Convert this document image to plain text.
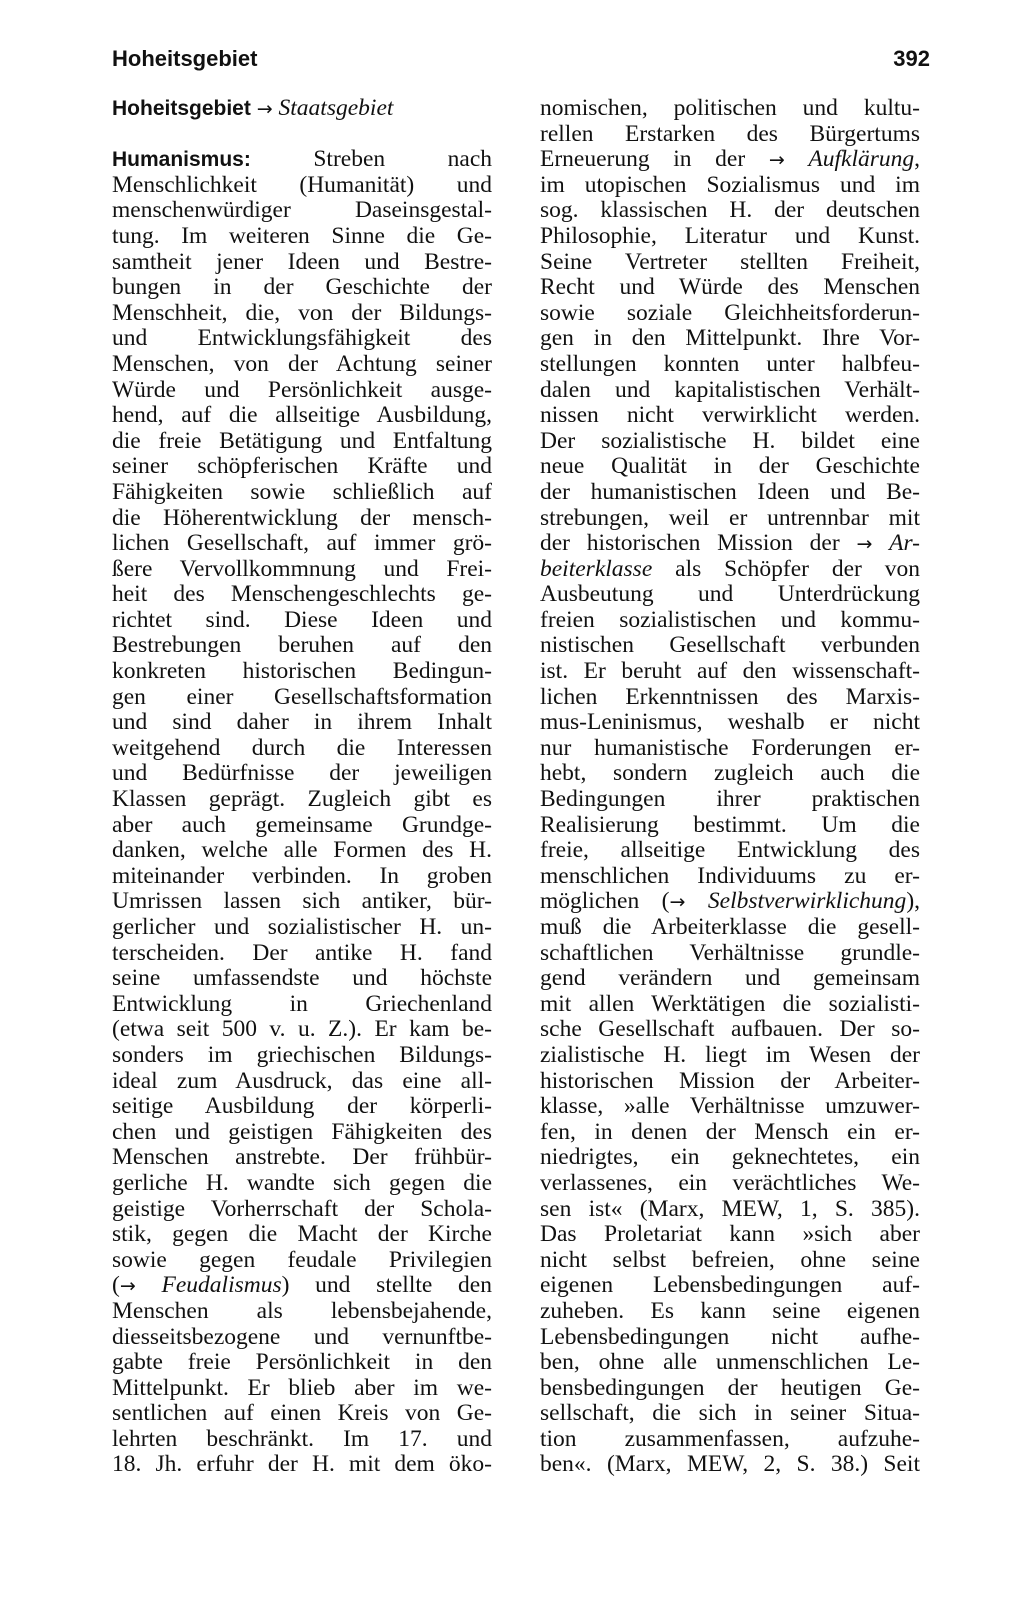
Hoheitsgebiet	392
Hoheitsgebiet → Staatsgebiet
Humanismus:	Streben nach
Menschlichkeit (Humanität) und
menschenwürdiger Daseinsgestal-
tung. Im weiteren Sinne die Ge-
samtheit jener Ideen und Bestre-
bungen in der Geschichte der
Menschheit, die, von der Bildungs-
und Entwicklungsfähigkeit des
Menschen, von der Achtung seiner
Würde und Persönlichkeit ausge-
hend, auf die allseitige Ausbildung,
die freie Betätigung und Entfaltung
seiner schöpferischen Kräfte und
Fähigkeiten sowie schließlich auf
die Höherentwicklung der mensch-
lichen Gesellschaft, auf immer grö-
ßere Vervollkommnung und Frei-
heit des Menschengeschlechts ge-
richtet sind. Diese Ideen und
Bestrebungen beruhen auf den
konkreten historischen Bedingun-
gen einer Gesellschaftsformation
und sind daher in ihrem Inhalt
weitgehend durch die Interessen
und Bedürfnisse der jeweiligen
Klassen geprägt. Zugleich gibt es
aber auch gemeinsame Grundge-
danken, welche alle Formen des H.
miteinander verbinden. In groben
Umrissen lassen sich antiker, bür-
gerlicher und sozialistischer H. un-
terscheiden. Der antike H. fand
seine umfassendste und höchste
Entwicklung in Griechenland
(etwa seit 500 v. u. Z.). Er kam be-
sonders im griechischen Bildungs-
ideal zum Ausdruck, das eine all-
seitige Ausbildung der körperli-
chen und geistigen Fähigkeiten des
Menschen anstrebte. Der frühbür-
gerliche H. wandte sich gegen die
geistige Vorherrschaft der Schola-
stik, gegen die Macht der Kirche
sowie gegen feudale Privilegien
(→ Feudalismus) und stellte den
Menschen als lebensbejahende,
diesseitsbezogene und vernunftbe-
gabte freie Persönlichkeit in den
Mittelpunkt. Er blieb aber im we-
sentlichen auf einen Kreis von Ge-
lehrten beschränkt. Im 17. und
18. Jh. erfuhr der H. mit dem öko-
nomischen, politischen und kultu-
rellen Erstarken des Bürgertums
Erneuerung in der → Aufklärung,
im utopischen Sozialismus und im
sog. klassischen H. der deutschen
Philosophie, Literatur und Kunst.
Seine Vertreter stellten Freiheit,
Recht und Würde des Menschen
sowie soziale Gleichheitsforderun-
gen in den Mittelpunkt. Ihre Vor-
stellungen konnten unter halbfeu-
dalen und kapitalistischen Verhält-
nissen nicht verwirklicht werden.
Der sozialistische H. bildet eine
neue Qualität in der Geschichte
der humanistischen Ideen und Be-
strebungen, weil er untrennbar mit
der historischen Mission der → Ar-
beiterklasse als Schöpfer der von
Ausbeutung und Unterdrückung
freien sozialistischen und kommu-
nistischen Gesellschaft verbunden
ist. Er beruht auf den wissenschaft-
lichen Erkenntnissen des Marxis-
mus-Leninismus, weshalb er nicht
nur humanistische Forderungen er-
hebt, sondern zugleich auch die
Bedingungen ihrer praktischen
Realisierung bestimmt. Um die
freie, allseitige Entwicklung des
menschlichen Individuums zu er-
möglichen (→ Selbstverwirklichung),
muß die Arbeiterklasse die gesell-
schaftlichen Verhältnisse grundle-
gend verändern und gemeinsam
mit allen Werktätigen die sozialisti-
sche Gesellschaft aufbauen. Der so-
zialistische H. liegt im Wesen der
historischen Mission der Arbeiter-
klasse, »alle Verhältnisse umzuwer-
fen, in denen der Mensch ein er-
niedrigtes, ein geknechtetes, ein
verlassenes, ein verächtliches We-
sen ist« (Marx, MEW, 1, S. 385).
Das Proletariat kann »sich aber
nicht selbst befreien, ohne seine
eigenen Lebensbedingungen auf-
zuheben. Es kann seine eigenen
Lebensbedingungen nicht aufhe-
ben, ohne alle unmenschlichen Le-
bensbedingungen der heutigen Ge-
sellschaft, die sich in seiner Situa-
tion zusammenfassen, aufzuhe-
ben«. (Marx, MEW, 2, S. 38.) Seit
